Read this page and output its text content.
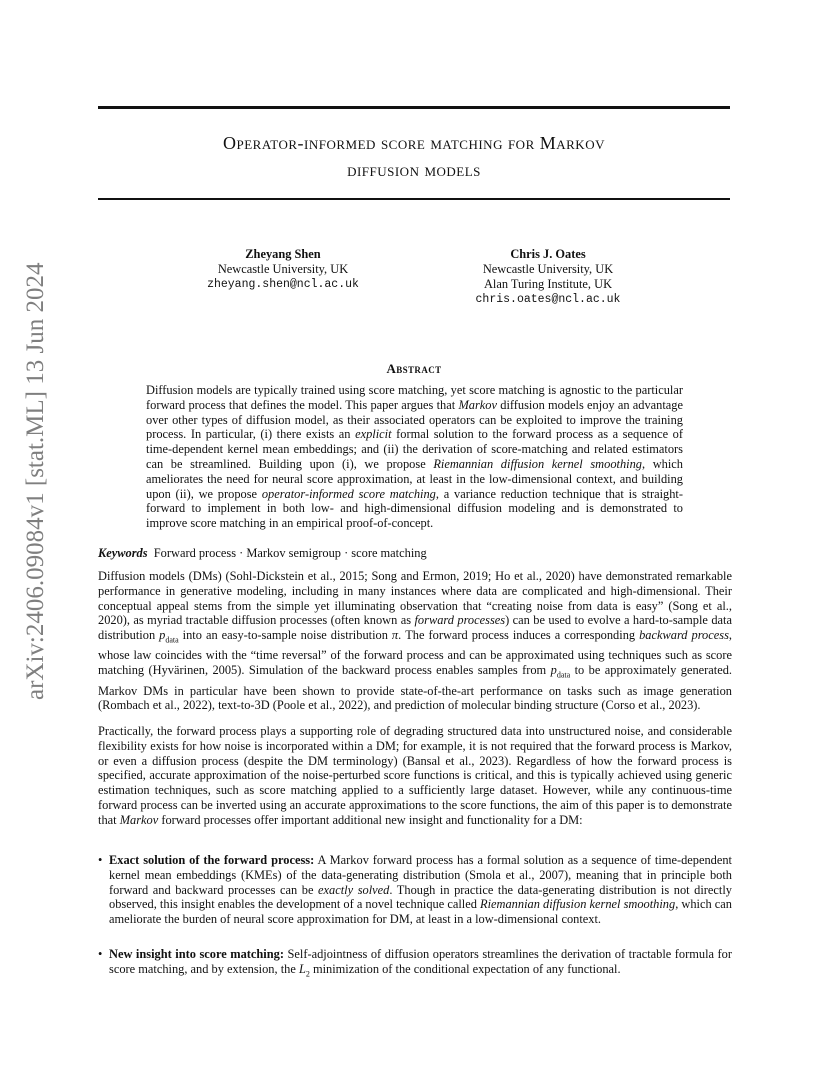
Operator-informed score matching for Markov
diffusion models
arXiv:2406.09084v1 [stat.ML] 13 Jun 2024
Zheyang Shen
Newcastle University, UK
zheyang.shen@ncl.ac.uk
Chris J. Oates
Newcastle University, UK
Alan Turing Institute, UK
chris.oates@ncl.ac.uk
Abstract
Diffusion models are typically trained using score matching, yet score matching is agnostic to the particular forward process that defines the model. This paper argues that Markov diffusion models enjoy an advantage over other types of diffusion model, as their associated operators can be exploited to improve the training process. In particular, (i) there exists an explicit formal solution to the forward process as a sequence of time-dependent kernel mean embeddings; and (ii) the derivation of score-matching and related estimators can be streamlined. Building upon (i), we propose Riemannian diffusion kernel smoothing, which ameliorates the need for neural score approximation, at least in the low-dimensional context, and building upon (ii), we propose operator-informed score matching, a variance reduction technique that is straight-forward to implement in both low- and high-dimensional diffusion modeling and is demonstrated to improve score matching in an empirical proof-of-concept.
Keywords Forward process · Markov semigroup · score matching

Diffusion models (DMs) (Sohl-Dickstein et al., 2015; Song and Ermon, 2019; Ho et al., 2020) have demonstrated remarkable performance in generative modeling, including in many instances where data are complicated and high-dimensional. Their conceptual appeal stems from the simple yet illuminating observation that “creating noise from data is easy” (Song et al., 2020), as myriad tractable diffusion processes (often known as forward processes) can be used to evolve a hard-to-sample data distribution $p_{data}$ into an easy-to-sample noise distribution π. The forward process induces a corresponding backward process, whose law coincides with the “time reversal” of the forward process and can be approximated using techniques such as score matching (Hyvärinen, 2005). Simulation of the backward process enables samples from $p_{data}$ to be approximately generated. Markov DMs in particular have been shown to provide state-of-the-art performance on tasks such as image generation (Rombach et al., 2022), text-to-3D (Poole et al., 2022), and prediction of molecular binding structure (Corso et al., 2023).

Practically, the forward process plays a supporting role of degrading structured data into unstructured noise, and considerable flexibility exists for how noise is incorporated within a DM; for example, it is not required that the forward process is Markov, or even a diffusion process (despite the DM terminology) (Bansal et al., 2023). Regardless of how the forward process is specified, accurate approximation of the noise-perturbed score functions is critical, and this is typically achieved using generic estimation techniques, such as score matching applied to a sufficiently large dataset. However, while any continuous-time forward process can be inverted using an accurate approximations to the score functions, the aim of this paper is to demonstrate that Markov forward processes offer important additional new insight and functionality for a DM:

• Exact solution of the forward process: A Markov forward process has a formal solution as a sequence of time-dependent kernel mean embeddings (KMEs) of the data-generating distribution (Smola et al., 2007), meaning that in principle both forward and backward processes can be exactly solved. Though in practice the data-generating distribution is not directly observed, this insight enables the development of a novel technique called Riemannian diffusion kernel smoothing, which can ameliorate the burden of neural score approximation for DM, at least in a low-dimensional context.
• New insight into score matching: Self-adjointness of diffusion operators streamlines the derivation of tractable formula for score matching, and by extension, the $L_2$ minimization of the conditional expectation of any functional.
